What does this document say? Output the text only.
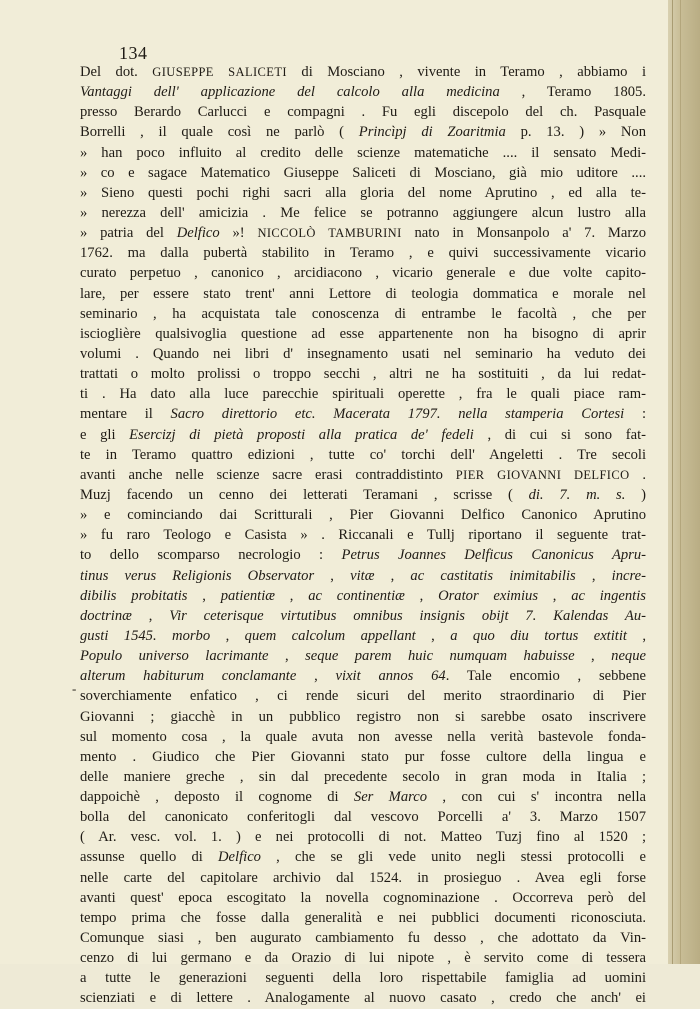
134
-
Del dot. GIUSEPPE SALICETI di Mosciano , vivente in Teramo , abbiamo i
Vantaggi dell' applicazione del calcolo alla medicina , Teramo 1805.
presso Berardo Carlucci e compagni . Fu egli discepolo del ch. Pasquale
Borrelli , il quale così ne parlò ( Princìpj di Zoaritmia p. 13. ) » Non
» han poco influito al credito delle scienze matematiche .... il sensato Medi-
» co e sagace Matematico Giuseppe Saliceti di Mosciano, già mio uditore ....
» Sieno questi pochi righi sacri alla gloria del nome Aprutino , ed alla te-
» nerezza dell' amicizia . Me felice se potranno aggiungere alcun lustro alla
» patria del Delfico »! NICCOLÒ TAMBURINI nato in Monsanpolo a' 7. Marzo
1762. ma dalla pubertà stabilito in Teramo , e quivi successivamente vicario
curato perpetuo , canonico , arcidiacono , vicario generale e due volte capito-
lare, per essere stato trent' anni Lettore di teologia dommatica e morale nel
seminario , ha acquistata tale conoscenza di entrambe le facoltà , che per
iscioglière qualsivoglia questione ad esse appartenente non ha bisogno di aprir
volumi . Quando nei libri d' insegnamento usati nel seminario ha veduto dei
trattati o molto prolissi o troppo secchi , altri ne ha sostituiti , da lui redat-
ti . Ha dato alla luce parecchie spirituali operette , fra le quali piace ram-
mentare il Sacro direttorio etc. Macerata 1797. nella stamperia Cortesi :
e gli Esercizj di pietà proposti alla pratica de' fedeli , di cui si sono fat-
te in Teramo quattro edizioni , tutte co' torchi dell' Angeletti . Tre secoli
avanti anche nelle scienze sacre erasi contraddistinto PIER GIOVANNI DELFICO .
Muzj facendo un cenno dei letterati Teramani , scrisse ( di. 7. m. s. )
» e cominciando dai Scritturali , Pier Giovanni Delfico Canonico Aprutino
» fu raro Teologo e Casista » . Riccanali e Tullj riportano il seguente trat-
to dello scomparso necrologio : Petrus Joannes Delficus Canonicus Apru-
tinus verus Religionis Observator , vitæ , ac castitatis inimitabilis , incre-
dibilis probitatis , patientiæ , ac continentiæ , Orator eximius , ac ingentis
doctrinæ , Vir ceterisque virtutibus omnibus insignis obijt 7. Kalendas Au-
gusti 1545. morbo , quem calcolum appellant , a quo diu tortus extitit ,
Populo universo lacrimante , seque parem huic numquam habuisse , neque
alterum habiturum conclamante , vixit annos 64. Tale encomio , sebbene
soverchiamente enfatico , ci rende sicuri del merito straordinario di Pier
Giovanni ; giacchè in un pubblico registro non si sarebbe osato inscrivere
sul momento cosa , la quale avuta non avesse nella verità bastevole fonda-
mento . Giudico che Pier Giovanni stato pur fosse cultore della lingua e
delle maniere greche , sin dal precedente secolo in gran moda in Italia ;
dappoichè , deposto il cognome di Ser Marco , con cui s' incontra nella
bolla del canonicato conferitogli dal vescovo Porcelli a' 3. Marzo 1507
( Ar. vesc. vol. 1. ) e nei protocolli di not. Matteo Tuzj fino al 1520 ;
assunse quello di Delfico , che se gli vede unito negli stessi protocolli e
nelle carte del capitolare archivio dal 1524. in prosieguo . Avea egli forse
avanti quest' epoca escogitato la novella cognominazione . Occorreva però del
tempo prima che fosse dalla generalità e nei pubblici documenti riconosciuta.
Comunque siasi , ben augurato cambiamento fu desso , che adottato da Vin-
cenzo di lui germano e da Orazio di lui nipote , è servito come di tessera
a tutte le generazioni seguenti della loro rispettabile famiglia ad uomini
scienziati e di lettere . Analogamente al nuovo casato , credo che anch' ei
